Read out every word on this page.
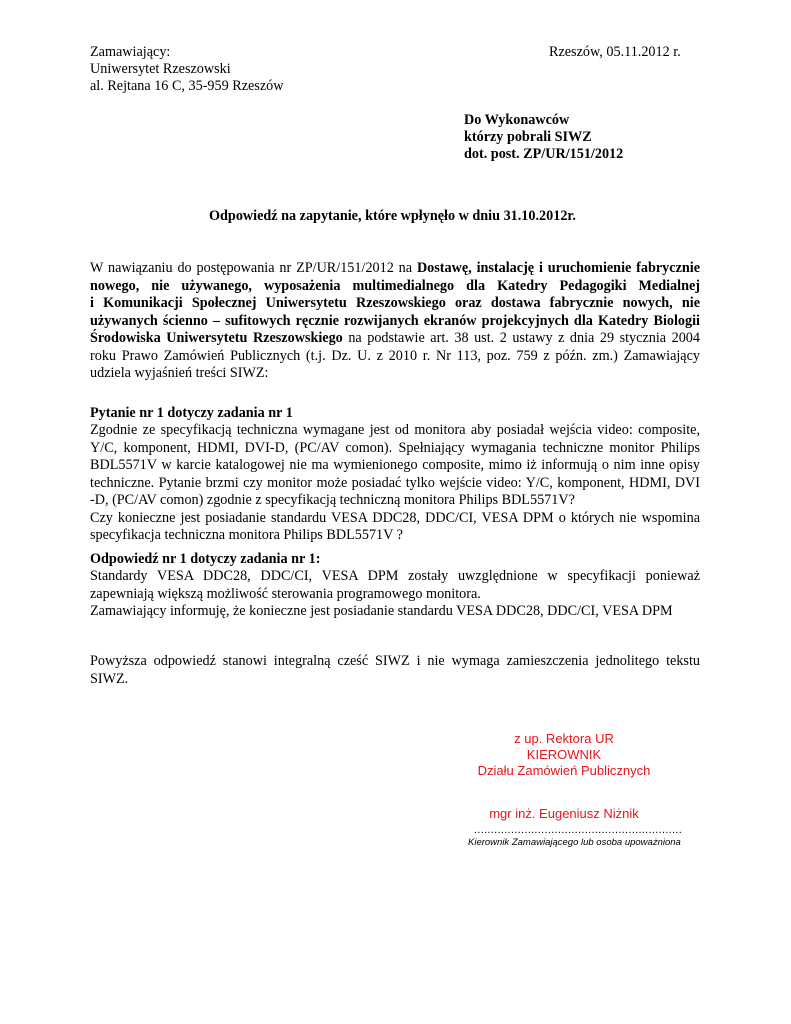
Zamawiający:
Uniwersytet Rzeszowski
al. Rejtana 16 C, 35-959 Rzeszów
Rzeszów, 05.11.2012 r.
Do Wykonawców
którzy pobrali SIWZ
dot. post. ZP/UR/151/2012
Odpowiedź na zapytanie, które wpłynęło w dniu 31.10.2012r.
W nawiązaniu do postępowania nr ZP/UR/151/2012 na Dostawę, instalację i uruchomienie fabrycznie
nowego, nie używanego, wyposażenia multimedialnego dla Katedry Pedagogiki Medialnej
i Komunikacji Społecznej Uniwersytetu Rzeszowskiego oraz dostawa fabrycznie nowych, nie
używanych ściennо – sufitowych ręcznie rozwijanych ekranów projekcyjnych dla Katedry Biologii
Środowiska Uniwersytetu Rzeszowskiego na podstawie art. 38 ust. 2 ustawy z dnia 29 stycznia 2004
roku Prawo Zamówień Publicznych (t.j. Dz. U. z 2010 r. Nr 113, poz. 759 z późn. zm.) Zamawiający
udziela wyjaśnień treści SIWZ:
Pytanie nr 1 dotyczy zadania nr 1
Zgodnie ze specyfikacją techniczna wymagane jest od monitora aby posiadał wejścia video: composite,
Y/C, komponent, HDMI, DVI-D, (PC/AV comon). Spełniający wymagania techniczne monitor Philips
BDL5571V w karcie katalogowej nie ma wymienionego composite, mimo iż informują o nim inne opisy
techniczne. Pytanie brzmi czy monitor może posiadać tylko wejście video: Y/C, komponent, HDMI, DVI
-D, (PC/AV comon) zgodnie z specyfikacją techniczną monitora Philips BDL5571V?
Czy konieczne jest posiadanie standardu VESA DDC28, DDC/CI, VESA DPM o których nie wspomina
specyfikacja techniczna monitora Philips BDL5571V ?
Odpowiedź nr 1 dotyczy zadania nr 1:
Standardy VESA DDC28, DDC/CI, VESA DPM zostały uwzględnione w specyfikacji ponieważ
zapewniają większą możliwość sterowania programowego monitora.
Zamawiający informuję, że konieczne jest posiadanie standardu VESA DDC28, DDC/CI, VESA DPM
Powyższa odpowiedź stanowi integralną cześć SIWZ i nie wymaga zamieszczenia jednolitego tekstu
SIWZ.
z up. Rektora UR
KIEROWNIK
Działu Zamówień Publicznych
mgr inż. Eugeniusz Niżnik
..............................................................
Kierownik Zamawiającego lub osoba upoważniona
